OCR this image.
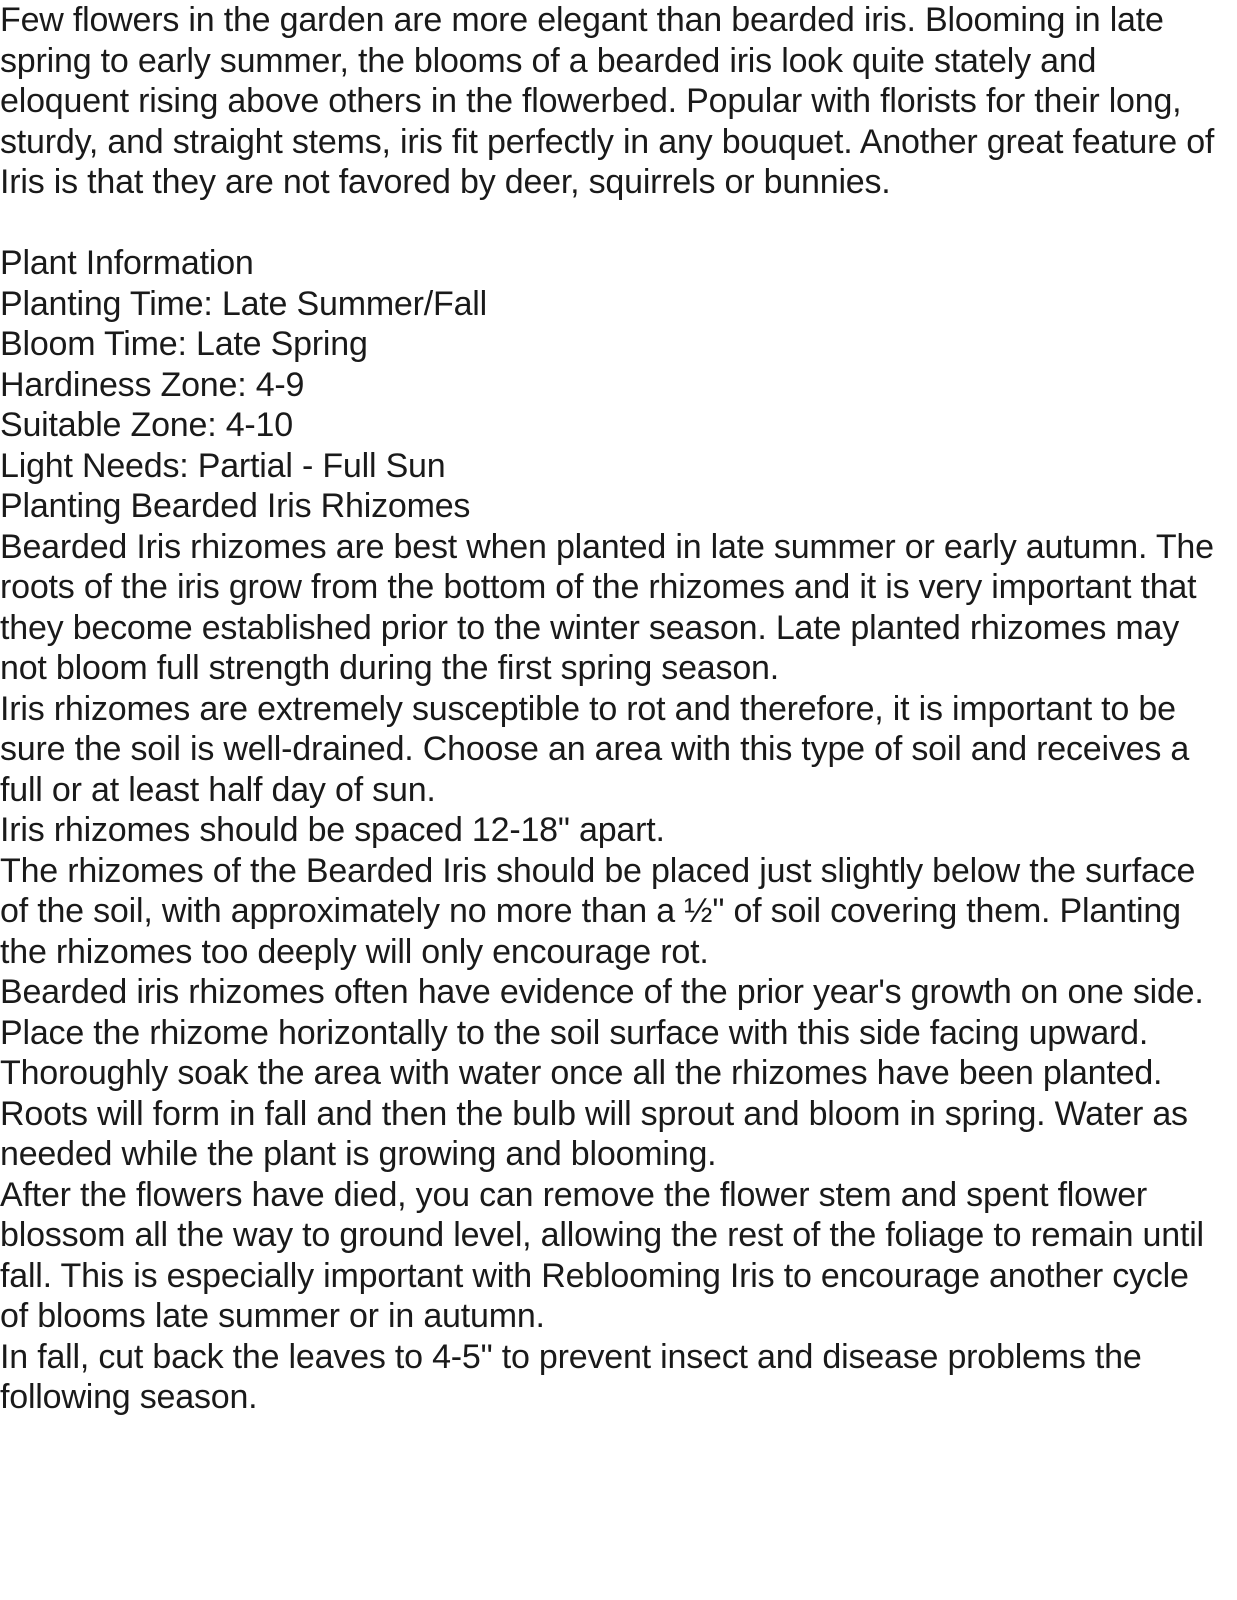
Few flowers in the garden are more elegant than bearded iris. Blooming in late spring to early summer, the blooms of a bearded iris look quite stately and eloquent rising above others in the flowerbed. Popular with florists for their long, sturdy, and straight stems, iris fit perfectly in any bouquet. Another great feature of Iris is that they are not favored by deer, squirrels or bunnies.

Plant Information

Planting Time: Late Summer/Fall

Bloom Time: Late Spring

Hardiness Zone: 4-9

Suitable Zone: 4-10

Light Needs: Partial - Full Sun

Planting Bearded Iris Rhizomes

Bearded Iris rhizomes are best when planted in late summer or early autumn. The roots of the iris grow from the bottom of the rhizomes and it is very important that they become established prior to the winter season. Late planted rhizomes may not bloom full strength during the first spring season.

Iris rhizomes are extremely susceptible to rot and therefore, it is important to be sure the soil is well-drained. Choose an area with this type of soil and receives a full or at least half day of sun.

Iris rhizomes should be spaced 12-18" apart.

The rhizomes of the Bearded Iris should be placed just slightly below the surface of the soil, with approximately no more than a ½" of soil covering them. Planting the rhizomes too deeply will only encourage rot.

Bearded iris rhizomes often have evidence of the prior year's growth on one side. Place the rhizome horizontally to the soil surface with this side facing upward.

Thoroughly soak the area with water once all the rhizomes have been planted. Roots will form in fall and then the bulb will sprout and bloom in spring. Water as needed while the plant is growing and blooming.

After the flowers have died, you can remove the flower stem and spent flower blossom all the way to ground level, allowing the rest of the foliage to remain until fall. This is especially important with Reblooming Iris to encourage another cycle of blooms late summer or in autumn.

In fall, cut back the leaves to 4-5" to prevent insect and disease problems the following season.
